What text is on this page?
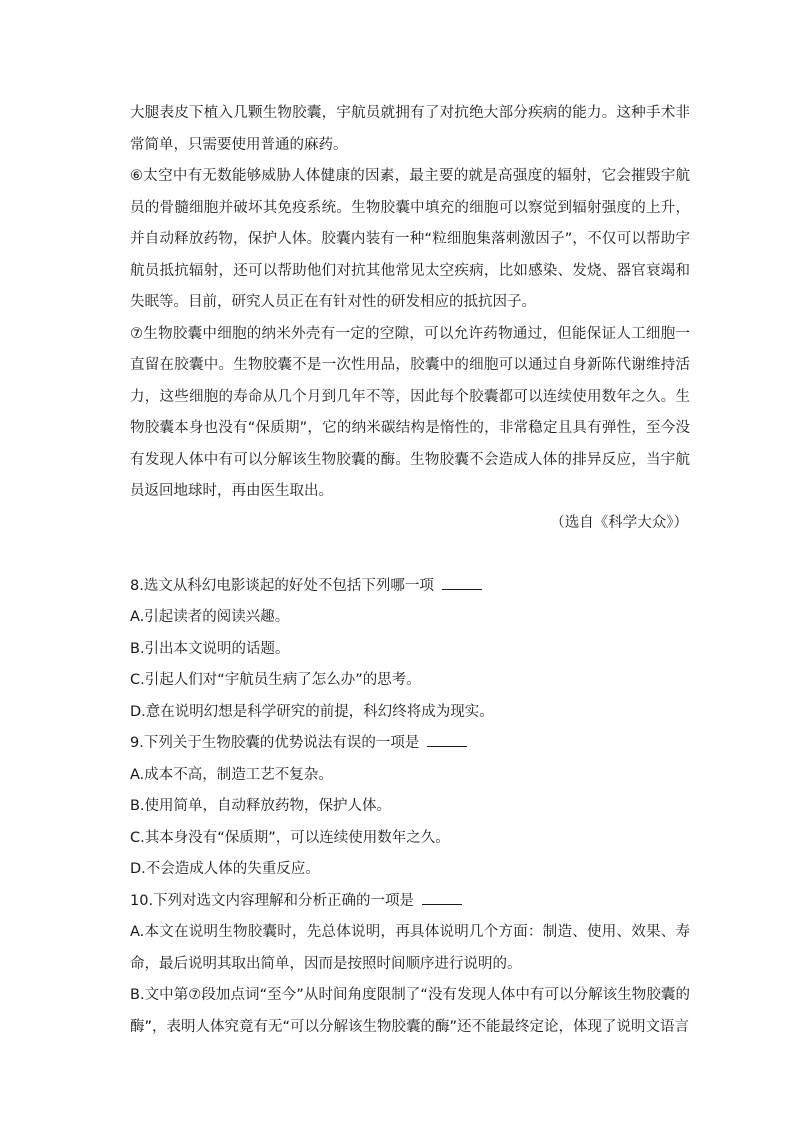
大腿表皮下植入几颗生物胶囊，宇航员就拥有了对抗绝大部分疾病的能力。这种手术非常简单，只需要使用普通的麻药。

⑥太空中有无数能够威胁人体健康的因素，最主要的就是高强度的辐射，它会摧毁宇航员的骨髓细胞并破坏其免疫系统。生物胶囊中填充的细胞可以察觉到辐射强度的上升，并自动释放药物，保护人体。胶囊内装有一种“粒细胞集落刺激因子”，不仅可以帮助宇航员抵抗辐射，还可以帮助他们对抗其他常见太空疾病，比如感染、发烧、器官衰竭和失眠等。目前，研究人员正在有针对性的研发相应的抵抗因子。

⑦生物胶囊中细胞的纳米外壳有一定的空隙，可以允许药物通过，但能保证人工细胞一直留在胶囊中。生物胶囊不是一次性用品，胶囊中的细胞可以通过自身新陈代谢维持活力，这些细胞的寿命从几个月到几年不等，因此每个胶囊都可以连续使用数年之久。生物胶囊本身也没有“保质期”，它的纳米碳结构是惰性的，非常稳定且具有弹性，至今没有发现人体中有可以分解该生物胶囊的酶。生物胶囊不会造成人体的排异反应，当宇航员返回地球时，再由医生取出。

（选自《科学大众》）

8.选文从科幻电影谈起的好处不包括下列哪一项

A.引起读者的阅读兴趣。

B.引出本文说明的话题。

C.引起人们对“宇航员生病了怎么办”的思考。

D.意在说明幻想是科学研究的前提，科幻终将成为现实。

9.下列关于生物胶囊的优势说法有误的一项是

A.成本不高，制造工艺不复杂。

B.使用简单，自动释放药物，保护人体。

C.其本身没有“保质期”，可以连续使用数年之久。

D.不会造成人体的失重反应。

10.下列对选文内容理解和分析正确的一项是

A.本文在说明生物胶囊时，先总体说明，再具体说明几个方面：制造、使用、效果、寿命，最后说明其取出简单，因而是按照时间顺序进行说明的。

B.文中第⑦段加点词“至今”从时间角度限制了“没有发现人体中有可以分解该生物胶囊的酶”，表明人体究竟有无“可以分解该生物胶囊的酶”还不能最终定论，体现了说明文语言
